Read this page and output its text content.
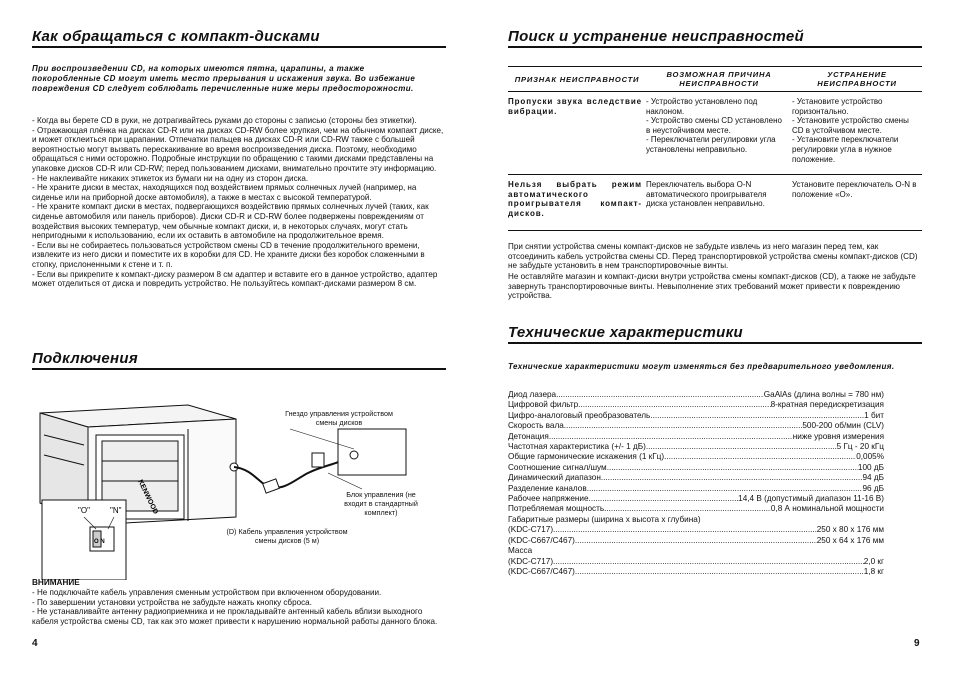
Как обращаться с компакт-дисками

При воспроизведении CD, на которых имеются пятна, царапины, а также покоробленные CD могут иметь место прерывания и искажения звука. Во избежание повреждения CD следует соблюдать перечисленные ниже меры предосторожности.

- Когда вы берете CD в руки, не дотрагивайтесь руками до стороны с записью (стороны без этикетки).

- Отражающая плёнка на дисках CD-R или на дисках CD-RW более хрупкая, чем на обычном компакт диске, и может отклеиться при царапании. Отпечатки пальцев на дисках CD-R или CD-RW также с большей вероятностью могут вызвать перескакивание во время воспроизведения диска. Поэтому, необходимо обращаться с ними осторожно. Подробные инструкции по обращению с такими дисками представлены на упаковке дисков CD-R или CD-RW; перед пользованием дисками, внимательно прочтите эту информацию.

- Не наклеивайте никаких этикеток из бумаги ни на одну из сторон диска.

- Не храните диски в местах, находящихся под воздействием прямых солнечных лучей (например, на сиденье или на приборной доске автомобиля), а также в местах с высокой температурой.

- Не храните компакт диски в местах, подвергающихся воздействию прямых солнечных лучей (таких, как сиденье автомобиля или панель приборов). Диски CD-R и CD-RW более подвержены повреждениям от воздействия высоких температур, чем обычные компакт диски, и, в некоторых случаях, могут стать непригодными к использованию, если их оставить в автомобиле на продолжительное время.

- Если вы не собираетесь пользоваться устройством смены CD в течение продолжительного времени, извлеките из него диски и поместите их в коробки для CD. Не храните диски без коробок сложенными в стопку, прислоненными к стене и т. п.

- Если вы прикрепите к компакт-диску размером 8 см адаптер и вставите его в данное устройство, адаптер может отделиться от диска и повредить устройство. Не пользуйтесь компакт-дисками размером 8 см.

Подключения
KENWOOD
"O"	"N"
O N
Гнездо управления устройством смены дисков
Блок управления (не входит в стандартный комплект)
(D) Кабель управления устройством смены дисков (5 м)
ВНИМАНИЕ

- Не подключайте кабель управления сменным устройством при включенном оборудовании.

- По завершении установки устройства не забудьте нажать кнопку сброса.

- Не устанавливайте антенну радиоприемника и не прокладывайте антенный кабель вблизи выходного кабеля устройства смены CD, так как это может привести к нарушению нормальной работы данного блока.

4
Поиск и устранение неисправностей
ПРИЗНАК НЕИСПРАВНОСТИ	ВОЗМОЖНАЯ ПРИЧИНА НЕИСПРАВНОСТИ	УСТРАНЕНИЕ НЕИСПРАВНОСТИ
Пропуски звука вследствие вибрации.	- Устройство установлено под наклоном.
- Устройство смены CD установлено в неустойчивом месте.
- Переключатели регулировки угла установлены неправильно.	- Установите устройство горизонтально.
- Установите устройство смены CD в устойчивом месте.
- Установите переключатели регулировки угла в нужное положение.
Нельзя выбрать режим автоматического проигрывателя компакт-дисков.	Переключатель выбора O-N автоматического проигрывателя диска установлен неправильно.	Установите переключатель O-N в положение «O».

При снятии устройства смены компакт-дисков не забудьте извлечь из него магазин перед тем, как отсоединить кабель устройства смены CD. Перед транспортировкой устройства смены компакт-дисков (CD) не забудьте установить в нем транспортировочные винты.

Не оставляйте магазин и компакт-диски внутри устройства смены компакт-дисков (CD), а также не забудьте завернуть транспортировочные винты. Невыполнение этих требований может привести к повреждению устройства.

Технические характеристики

Технические характеристики могут изменяться без предварительного уведомления.

Диод лазера .....	GaAlAs (длина волны = 780 нм)
Цифровой фильтр .....	8-кратная передискретизация
Цифро-аналоговый преобразователь .....	1 бит
Скорость вала .....	500-200 об/мин (CLV)
Детонация .....	ниже уровня измерения
Частотная характеристика (+/- 1 дБ) .....	5 Гц - 20 кГц
Общие гармонические искажения (1 кГц) .....	0,005%
Соотношение сигнал/шум .....	100 дБ
Динамический диапазон .....	94 дБ
Разделение каналов .....	96 дБ
Рабочее напряжение .....	14,4 В (допустимый диапазон 11-16 В)
Потребляемая мощность .....	0,8 А номинальной мощности
Габаритные размеры (ширина x высота x глубина)
(KDC-C717) .....	250 x 80 x 176 мм
(KDC-C667/C467) .....	250 x 64 x 176 мм
Масса
(KDC-C717) .....	2,0 кг
(KDC-C667/C467) .....	1,8 кг
9
